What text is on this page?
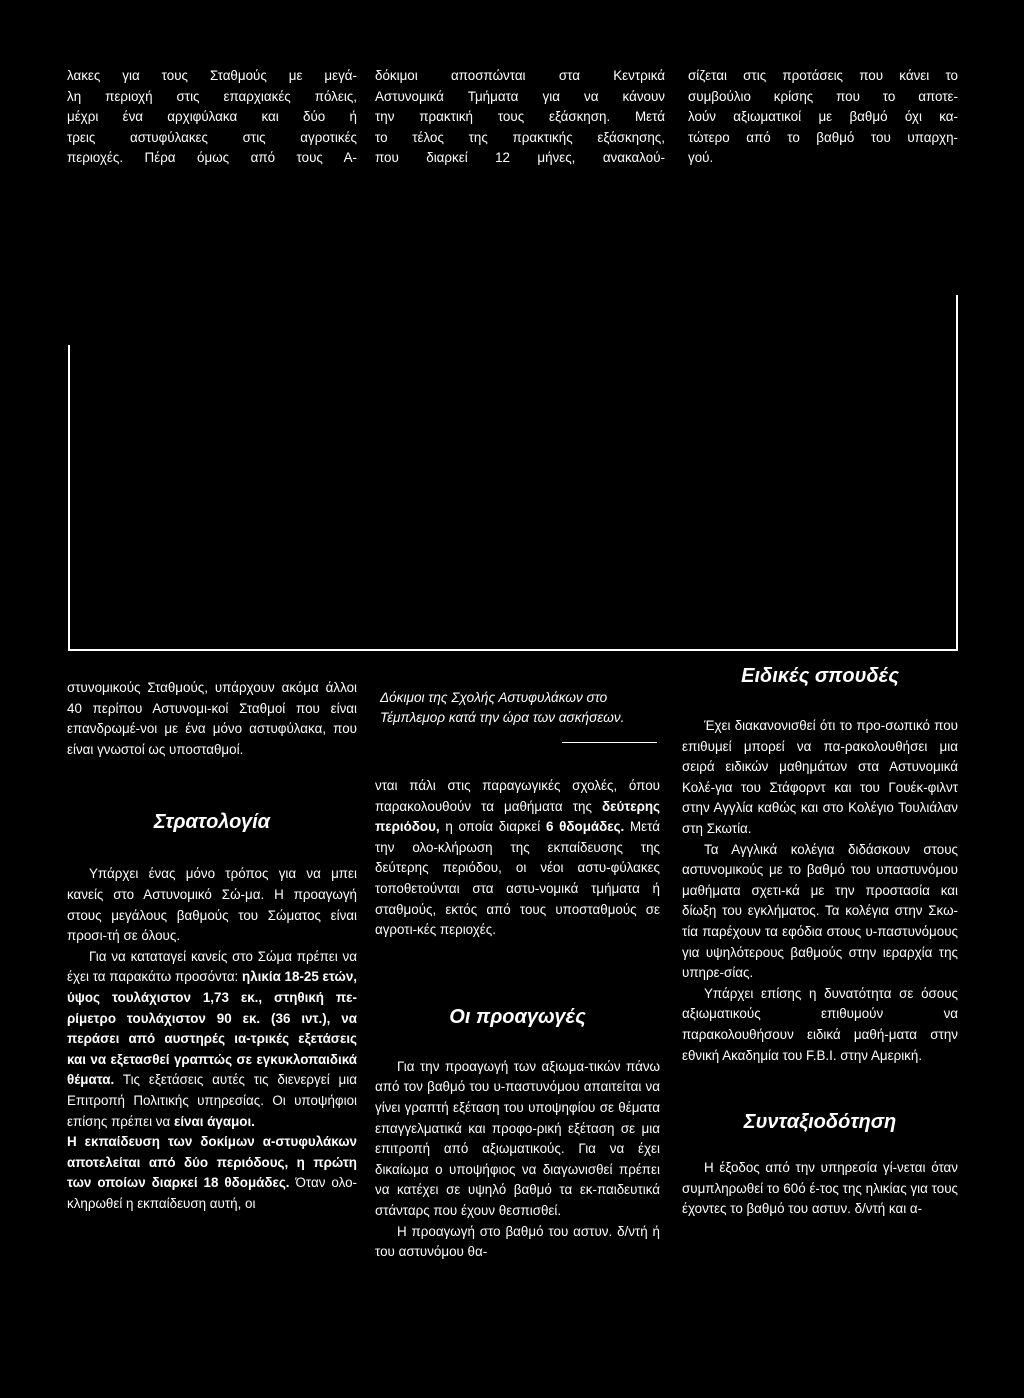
λακες για τους Σταθμούς με μεγά-

λη περιοχή στις επαρχιακές πόλεις,

μέχρι ένα αρχιφύλακα και δύο ή

τρεις αστυφύλακες στις αγροτικές

περιοχές. Πέρα όμως από τους Α-

δόκιμοι αποσπώνται στα Κεντρικά

Αστυνομικά Τμήματα για να κάνουν

την πρακτική τους εξάσκηση. Μετά

το τέλος της πρακτικής εξάσκησης,

που διαρκεί 12 μήνες, ανακαλού-

σίζεται στις προτάσεις που κάνει το

συμβούλιο κρίσης που το αποτε-

λούν αξιωματικοί με βαθμό όχι κα-

τώτερο από το βαθμό του υπαρχη-

γού.

στυνομικούς Σταθμούς, υπάρχουν ακόμα άλλοι 40 περίπου Αστυνομι-κοί Σταθμοί που είναι επανδρωμέ-νοι με ένα μόνο αστυφύλακα, που είναι γνωστοί ως υποσταθμοί.

Στρατολογία

Υπάρχει ένας μόνο τρόπος για να μπει κανείς στο Αστυνομικό Σώ-μα. Η προαγωγή στους μεγάλους βαθμούς του Σώματος είναι προσι-τή σε όλους.

Για να καταταγεί κανείς στο Σώμα πρέπει να έχει τα παρακάτω προσόντα: ηλικία 18-25 ετών, ύψος τουλάχιστον 1,73 εκ., στηθική πε-ρίμετρο τουλάχιστον 90 εκ. (36 ιντ.), να περάσει από αυστηρές ια-τρικές εξετάσεις και να εξετασθεί γραπτώς σε εγκυκλοπαιδικά θέματα. Τις εξετάσεις αυτές τις διενεργεί μια Επιτροπή Πολιτικής υπηρεσίας. Οι υποψήφιοι επίσης πρέπει να είναι άγαμοι.

Η εκπαίδευση των δοκίμων α-στυφυλάκων αποτελείται από δύο περιόδους, η πρώτη των οποίων διαρκεί 18 θδομάδες. Όταν ολο-κληρωθεί η εκπαίδευση αυτή, οι

Δόκιμοι της Σχολής Αστυφυλάκων στο Τέμπλεμορ κατά την ώρα των ασκήσεων.

νται πάλι στις παραγωγικές σχολές, όπου παρακολουθούν τα μαθήματα της δεύτερης περιόδου, η οποία διαρκεί 6 θδομάδες. Μετά την ολο-κλήρωση της εκπαίδευσης της δεύτερης περιόδου, οι νέοι αστυ-φύλακες τοποθετούνται στα αστυ-νομικά τμήματα ή σταθμούς, εκτός από τους υποσταθμούς σε αγροτι-κές περιοχές.

Οι προαγωγές

Για την προαγωγή των αξιωμα-τικών πάνω από τον βαθμό του υ-παστυνόμου απαιτείται να γίνει γραπτή εξέταση του υποψηφίου σε θέματα επαγγελματικά και προφο-ρική εξέταση σε μια επιτροπή από αξιωματικούς. Για να έχει δικαίωμα ο υποψήφιος να διαγωνισθεί πρέπει να κατέχει σε υψηλό βαθμό τα εκ-παιδευτικά στάνταρς που έχουν θεσπισθεί.

Η προαγωγή στο βαθμό του αστυν. δ/ντή ή του αστυνόμου θα-

Ειδικές σπουδές

Έχει διακανονισθεί ότι το προ-σωπικό που επιθυμεί μπορεί να πα-ρακολουθήσει μια σειρά ειδικών μαθημάτων στα Αστυνομικά Κολέ-για του Στάφορντ και του Γουέκ-φιλντ στην Αγγλία καθώς και στο Κολέγιο Τουλιάλαν στη Σκωτία.

Τα Αγγλικά κολέγια διδάσκουν στους αστυνομικούς με το βαθμό του υπαστυνόμου μαθήματα σχετι-κά με την προστασία και δίωξη του εγκλήματος. Τα κολέγια στην Σκω-τία παρέχουν τα εφόδια στους υ-παστυνόμους για υψηλότερους βαθμούς στην ιεραρχία της υπηρε-σίας.

Υπάρχει επίσης η δυνατότητα σε όσους αξιωματικούς επιθυμούν να παρακολουθήσουν ειδικά μαθή-ματα στην εθνική Ακαδημία του F.B.I. στην Αμερική.

Συνταξιοδότηση

Η έξοδος από την υπηρεσία γί-νεται όταν συμπληρωθεί το 60ό έ-τος της ηλικίας για τους έχοντες το βαθμό του αστυν. δ/ντή και α-
